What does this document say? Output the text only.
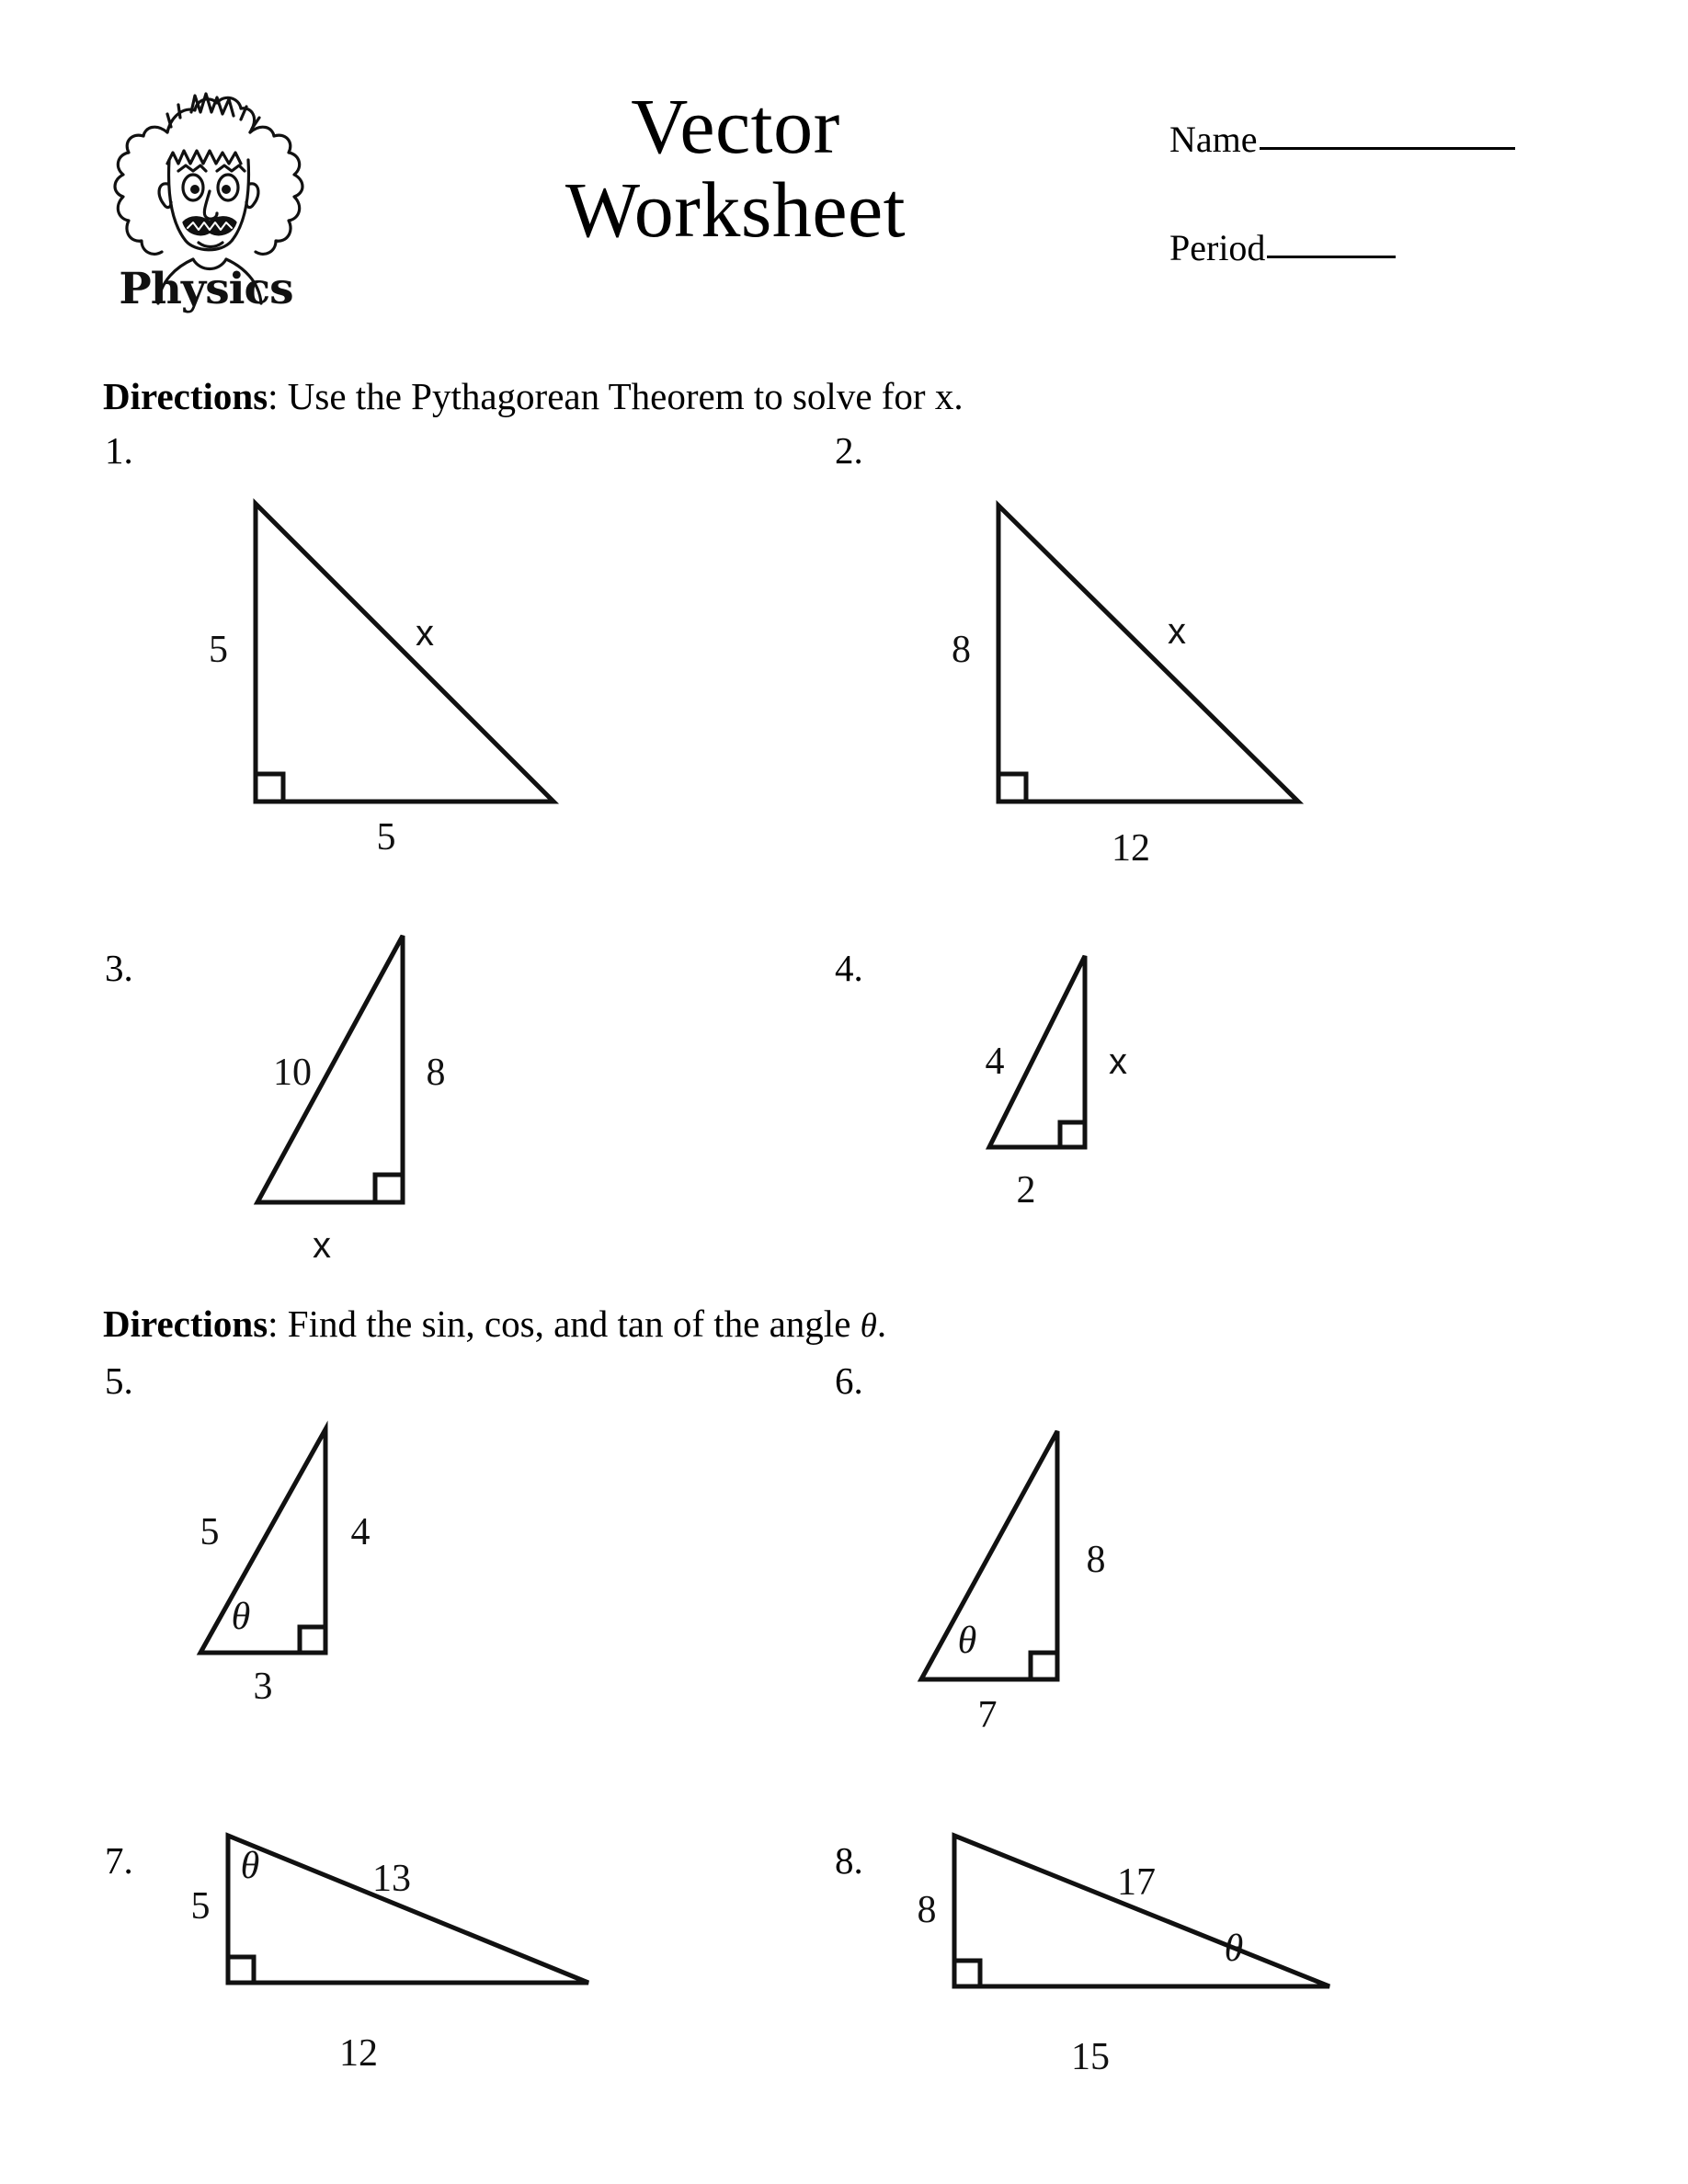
Physics
Vector
Worksheet
Name
Period
Directions: Use the Pythagorean Theorem to solve for x.
1.	2.
3.	4.
5
5
x	8
12
x
10	8
x
4	x
2
Directions: Find the sin, cos, and tan of the angle θ.
5.	6.
7.	8.
5	4
3
θ
8
7
θ
5
13
12
θ
8
17
15
θ
